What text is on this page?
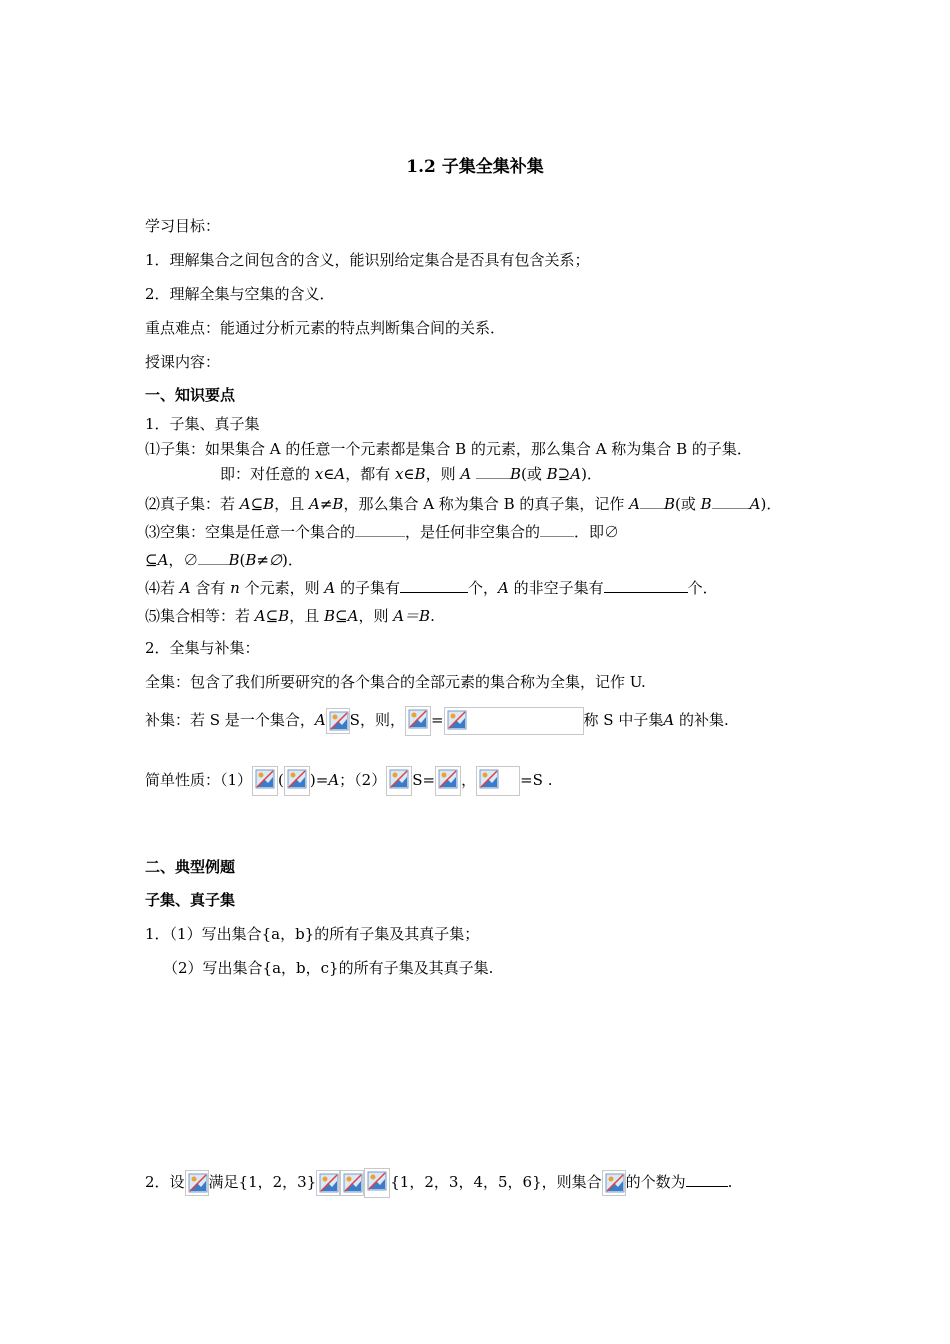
1.2 子集全集补集
学习目标：
1．理解集合之间包含的含义，能识别给定集合是否具有包含关系；
2．理解全集与空集的含义．
重点难点：能通过分析元素的特点判断集合间的关系．
授课内容：
一、知识要点
1．子集、真子集
⑴子集：如果集合 A 的任意一个元素都是集合 B 的元素，那么集合 A 称为集合 B 的子集．
即：对任意的 x∈A，都有 x∈B，则 A	B(或 B⊇A)．
⑵真子集：若 A⊆B，且 A≠B，那么集合 A 称为集合 B 的真子集，记作 A B(或 B	A)．
⑶空集：空集是任意一个集合的	，是任何非空集合的 ．即∅
⊆A，∅ B(B≠∅)．
⑷若 A 含有 n 个元素，则 A 的子集有	个，A 的非空子集有	个．
⑸集合相等：若 A⊆B，且 B⊆A，则 A＝B.
2．全集与补集：
全集：包含了我们所要研究的各个集合的全部元素的集合称为全集，记作 U.
补集：若 S 是一个集合，A S，则， =	称 S 中子集A 的补集.
简单性质：（1） ( )=A；（2） S= ，	=S .
二、典型例题
子集、真子集
1．（1）写出集合{a，b}的所有子集及其真子集；
（2）写出集合{a，b，c}的所有子集及其真子集.
2．设 满足{1，2，3}	{1，2，3，4，5，6}，则集合 的个数为	.
